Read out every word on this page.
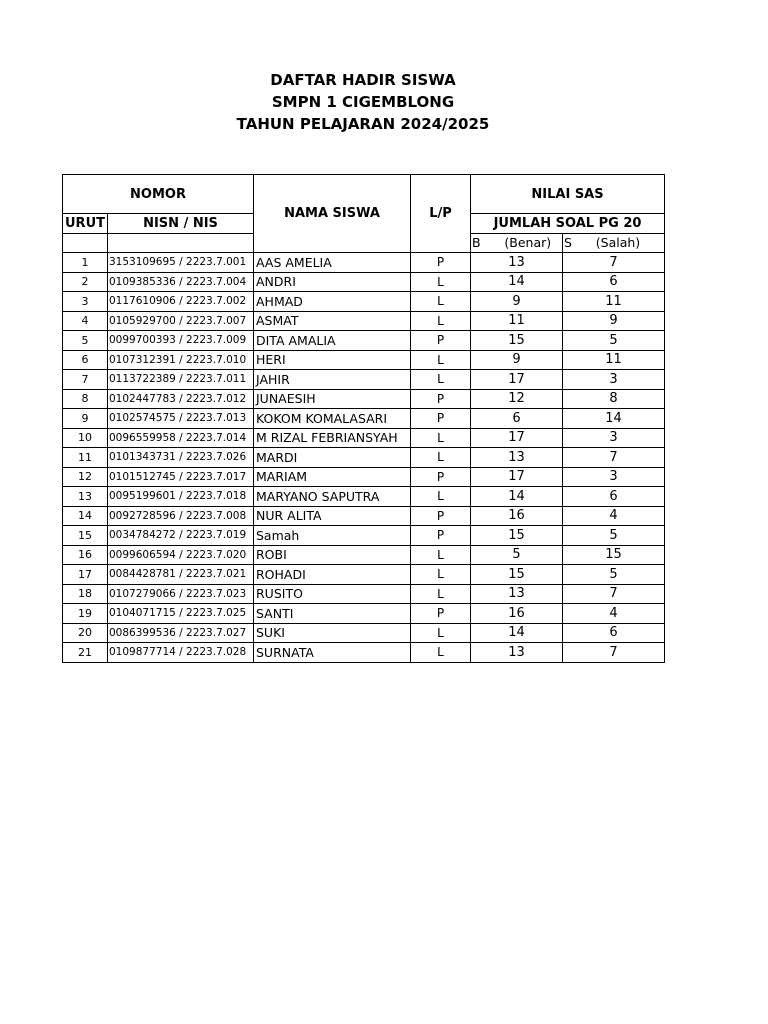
DAFTAR HADIR SISWA
SMPN 1 CIGEMBLONG
TAHUN PELAJARAN 2024/2025
NOMOR		NAMA SISWA	L/P	NILAI SAS	
URUT	NISN / NIS			JUMLAH SOAL PG 20	
				B      (Benar)	S      (Salah)
1	3153109695 / 2223.7.001	AAS AMELIA	P	13	7
2	0109385336 / 2223.7.004	ANDRI	L	14	6
3	0117610906 / 2223.7.002	AHMAD	L	9	11
4	0105929700 / 2223.7.007	ASMAT	L	11	9
5	0099700393 / 2223.7.009	DITA AMALIA	P	15	5
6	0107312391 / 2223.7.010	HERI	L	9	11
7	0113722389 / 2223.7.011	JAHIR	L	17	3
8	0102447783 / 2223.7.012	JUNAESIH	P	12	8
9	0102574575 / 2223.7.013	KOKOM KOMALASARI	P	6	14
10	0096559958 / 2223.7.014	M RIZAL FEBRIANSYAH	L	17	3
11	0101343731 / 2223.7.026	MARDI	L	13	7
12	0101512745 / 2223.7.017	MARIAM	P	17	3
13	0095199601 / 2223.7.018	MARYANO SAPUTRA	L	14	6
14	0092728596 / 2223.7.008	NUR ALITA	P	16	4
15	0034784272 / 2223.7.019	Samah	P	15	5
16	0099606594 / 2223.7.020	ROBI	L	5	15
17	0084428781 / 2223.7.021	ROHADI	L	15	5
18	0107279066 / 2223.7.023	RUSITO	L	13	7
19	0104071715 / 2223.7.025	SANTI	P	16	4
20	0086399536 / 2223.7.027	SUKI	L	14	6
21	0109877714 / 2223.7.028	SURNATA	L	13	7
